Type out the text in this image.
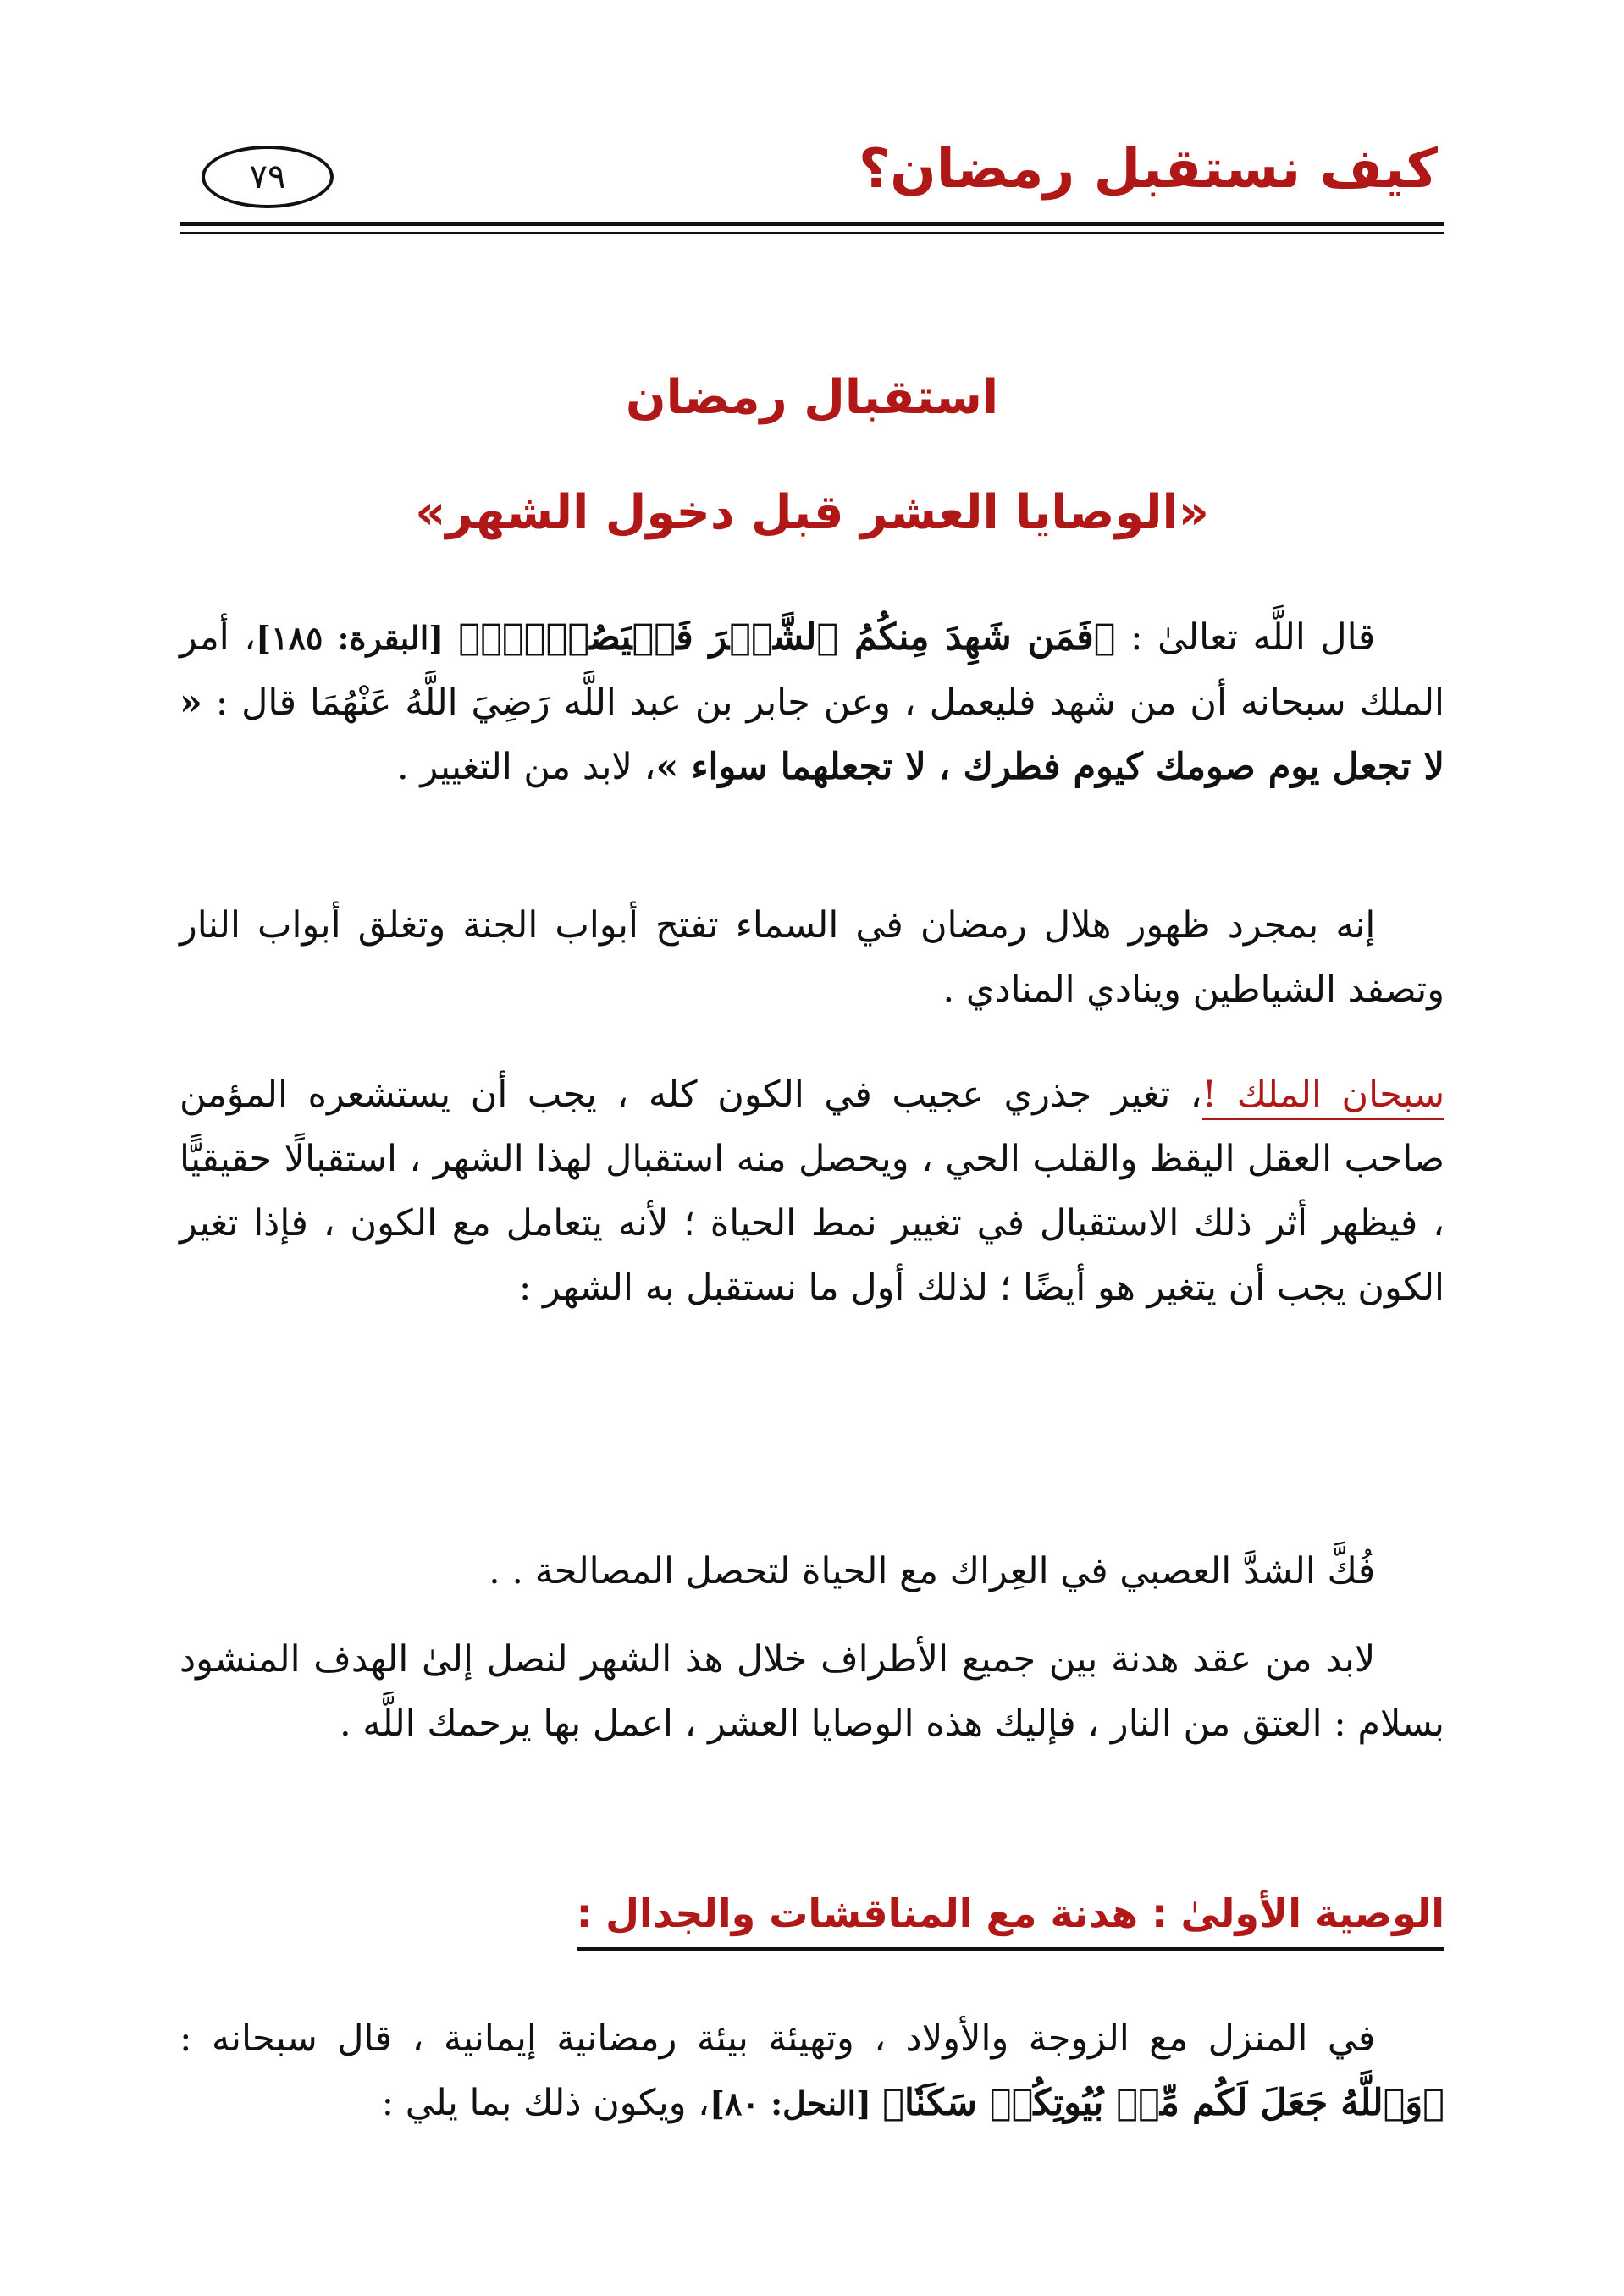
كيف نستقبل رمضان؟
٧٩
استقبال رمضان
«الوصايا العشر قبل دخول الشهر»

قال اللَّه تعالىٰ : ﴿فَمَن شَهِدَ مِنكُمُ ٱلشَّهۡرَ فَلۡيَصُمۡهُۖ﴾ [البقرة: ١٨٥]، أمر الملك سبحانه أن من شهد فليعمل ، وعن جابر بن عبد اللَّه رَضِيَ اللَّهُ عَنْهُمَا قال : « لا تجعل يوم صومك كيوم فطرك ، لا تجعلهما سواء »، لابد من التغيير .

إنه بمجرد ظهور هلال رمضان في السماء تفتح أبواب الجنة وتغلق أبواب النار وتصفد الشياطين وينادي المنادي .

سبحان الملك !، تغير جذري عجيب في الكون كله ، يجب أن يستشعره المؤمن صاحب العقل اليقظ والقلب الحي ، ويحصل منه استقبال لهذا الشهر ، استقبالًا حقيقيًّا ، فيظهر أثر ذلك الاستقبال في تغيير نمط الحياة ؛ لأنه يتعامل مع الكون ، فإذا تغير الكون يجب أن يتغير هو أيضًا ؛ لذلك أول ما نستقبل به الشهر :

فُكَّ الشدَّ العصبي في العِراك مع الحياة لتحصل المصالحة . .

لابد من عقد هدنة بين جميع الأطراف خلال هذ الشهر لنصل إلىٰ الهدف المنشود بسلام : العتق من النار ، فإليك هذه الوصايا العشر ، اعمل بها يرحمك اللَّه .

الوصية الأولىٰ : هدنة مع المناقشات والجدال :

في المنزل مع الزوجة والأولاد ، وتهيئة بيئة رمضانية إيمانية ، قال سبحانه : ﴿وَٱللَّهُ جَعَلَ لَكُم مِّنۢ بُيُوتِكُمۡ سَكَنٗا﴾ [النحل: ٨٠]، ويكون ذلك بما يلي :
